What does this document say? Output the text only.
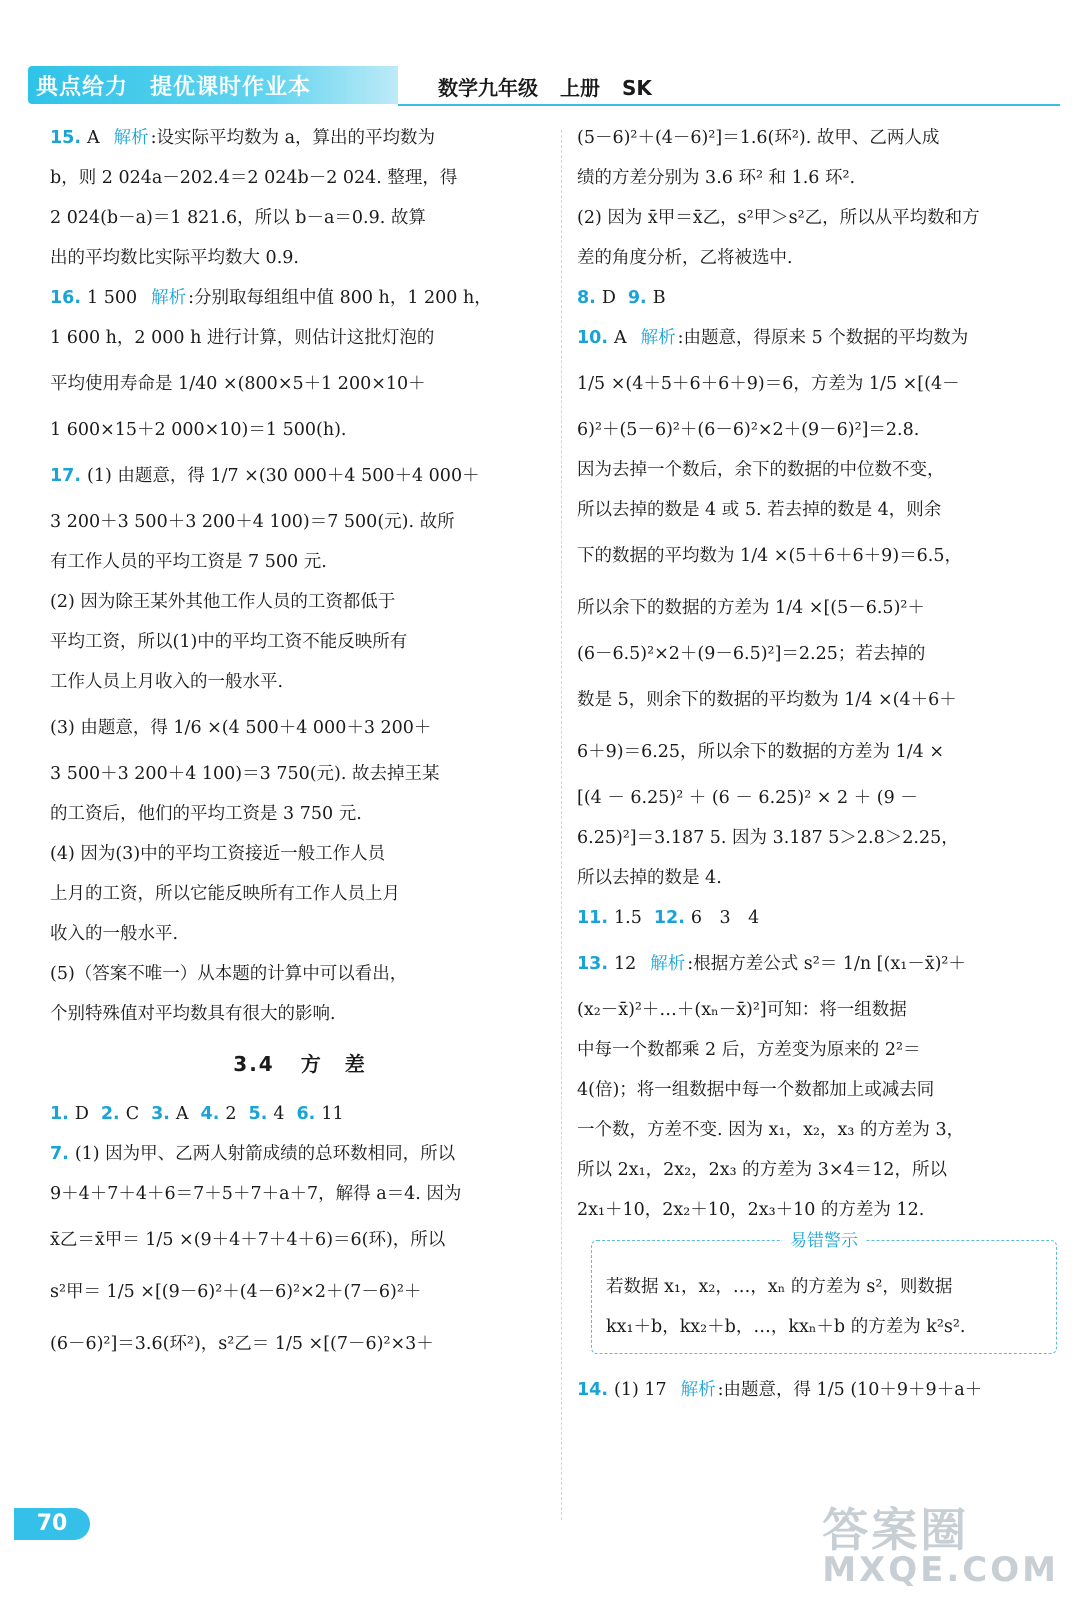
典点给力 提优课时作业本	数学九年级 上册 SK
15. A 解析 :设实际平均数为 a，算出的平均数为
b，则 2 024a－202.4＝2 024b－2 024. 整理，得
2 024(b－a)＝1 821.6，所以 b－a＝0.9. 故算
出的平均数比实际平均数大 0.9.
16. 1 500 解析 :分别取每组组中值 800 h，1 200 h，
1 600 h，2 000 h 进行计算，则估计这批灯泡的
平均使用寿命是 1/40 ×(800×5＋1 200×10＋
1 600×15＋2 000×10)＝1 500(h).
17. (1) 由题意，得 1/7 ×(30 000＋4 500＋4 000＋
3 200＋3 500＋3 200＋4 100)＝7 500(元). 故所
有工作人员的平均工资是 7 500 元.
(2) 因为除王某外其他工作人员的工资都低于
平均工资，所以(1)中的平均工资不能反映所有
工作人员上月收入的一般水平.
(3) 由题意，得 1/6 ×(4 500＋4 000＋3 200＋
3 500＋3 200＋4 100)＝3 750(元). 故去掉王某
的工资后，他们的平均工资是 3 750 元.
(4) 因为(3)中的平均工资接近一般工作人员
上月的工资，所以它能反映所有工作人员上月
收入的一般水平.
(5)（答案不唯一）从本题的计算中可以看出，
个别特殊值对平均数具有很大的影响.
3.4 方　差
1. D 2. C 3. A 4. 2 5. 4 6. 11
7. (1) 因为甲、乙两人射箭成绩的总环数相同，所以
9＋4＋7＋4＋6＝7＋5＋7＋a＋7，解得 a＝4. 因为
x̄乙＝x̄甲＝ 1/5 ×(9＋4＋7＋4＋6)＝6(环)，所以
s²甲＝ 1/5 ×[(9－6)²＋(4－6)²×2＋(7－6)²＋
(6－6)²]＝3.6(环²)，s²乙＝ 1/5 ×[(7－6)²×3＋
(5－6)²＋(4－6)²]＝1.6(环²). 故甲、乙两人成
绩的方差分别为 3.6 环² 和 1.6 环².
(2) 因为 x̄甲＝x̄乙，s²甲＞s²乙，所以从平均数和方
差的角度分析，乙将被选中.
8. D 9. B
10. A 解析 :由题意，得原来 5 个数据的平均数为
1/5 ×(4＋5＋6＋6＋9)＝6，方差为 1/5 ×[(4－
6)²＋(5－6)²＋(6－6)²×2＋(9－6)²]＝2.8.
因为去掉一个数后，余下的数据的中位数不变，
所以去掉的数是 4 或 5. 若去掉的数是 4，则余
下的数据的平均数为 1/4 ×(5＋6＋6＋9)＝6.5，
所以余下的数据的方差为 1/4 ×[(5－6.5)²＋
(6－6.5)²×2＋(9－6.5)²]＝2.25；若去掉的
数是 5，则余下的数据的平均数为 1/4 ×(4＋6＋
6＋9)＝6.25，所以余下的数据的方差为 1/4 ×
[(4 － 6.25)² ＋ (6 － 6.25)² × 2 ＋ (9 －
6.25)²]＝3.187 5. 因为 3.187 5＞2.8＞2.25，
所以去掉的数是 4.
11. 1.5 12. 6　3　4
13. 12 解析 :根据方差公式 s²＝ 1/n [(x₁－x̄)²＋
(x₂－x̄)²＋…＋(xₙ－x̄)²]可知：将一组数据
中每一个数都乘 2 后，方差变为原来的 2²＝
4(倍)；将一组数据中每一个数都加上或减去同
一个数，方差不变. 因为 x₁，x₂，x₃ 的方差为 3，
所以 2x₁，2x₂，2x₃ 的方差为 3×4＝12，所以
2x₁＋10，2x₂＋10，2x₃＋10 的方差为 12.
易错警示
若数据 x₁，x₂，…，xₙ 的方差为 s²，则数据
kx₁＋b，kx₂＋b，…，kxₙ＋b 的方差为 k²s².
14. (1) 17 解析 :由题意，得 1/5 (10＋9＋9＋a＋
70	答案圈
MXQE.COM
